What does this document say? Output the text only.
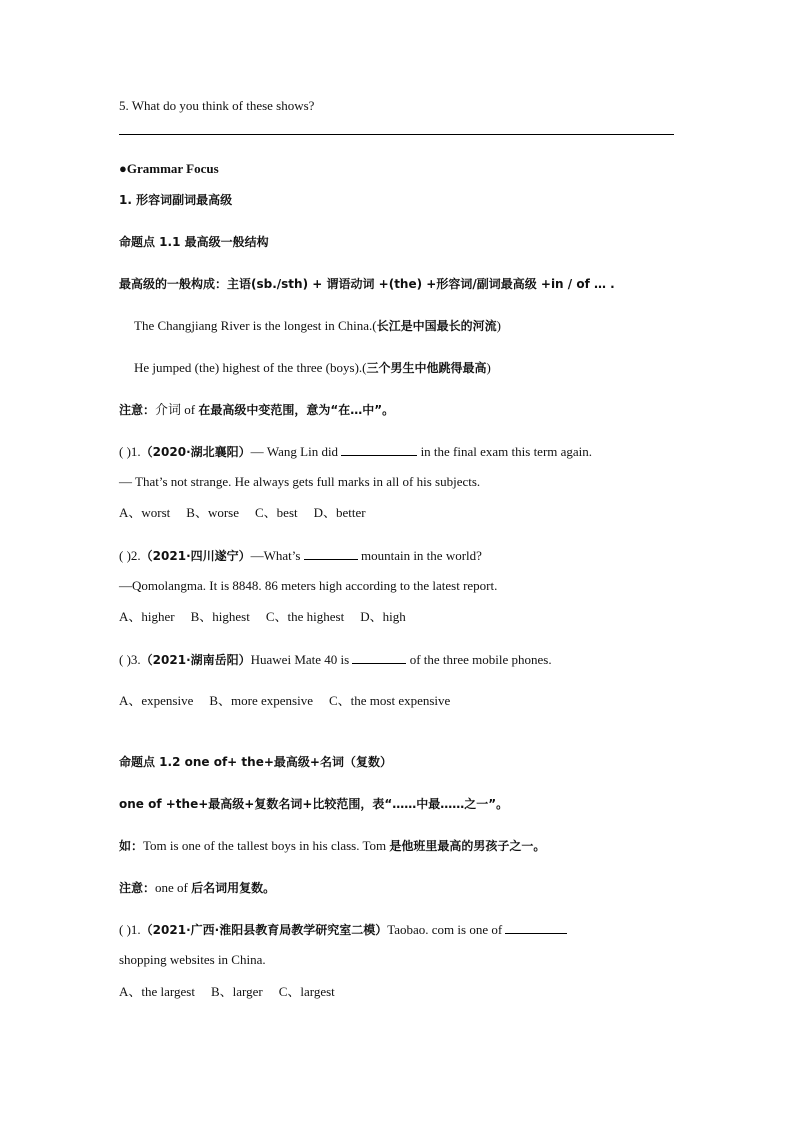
5. What do you think of these shows?
●Grammar Focus
1. 形容词副词最高级
命题点 1.1 最高级一般结构
最高级的一般构成：主语(sb./sth) + 谓语动词 +(the) +形容词/副词最高级 +in / of … .
The Changjiang River is the longest in China.(长江是中国最长的河流)
He jumped (the) highest of the three (boys).(三个男生中他跳得最高)
注意：介词 of 在最高级中变范围，意为“在…中”。
( )1.（2020·湖北襄阳）— Wang Lin did	in the final exam this term again.
— That’s not strange. He always gets full marks in all of his subjects.
A、worst B、worse C、best D、better
( )2.（2021·四川遂宁）—What’s	mountain in the world?
—Qomolangma. It is 8848. 86 meters high according to the latest report.
A、higher B、highest C、the highest D、high
( )3.（2021·湖南岳阳）Huawei Mate 40 is	of the three mobile phones.
A、expensive B、more expensive C、the most expensive
命题点 1.2 one of+ the+最高级+名词（复数）
one of +the+最高级+复数名词+比较范围，表“……中最……之一”。
如：Tom is one of the tallest boys in his class. Tom 是他班里最高的男孩子之一。
注意：one of 后名词用复数。
( )1.（2021·广西·淮阳县教育局教学研究室二模）Taobao. com is one of
shopping websites in China.
A、the largest B、larger C、largest
